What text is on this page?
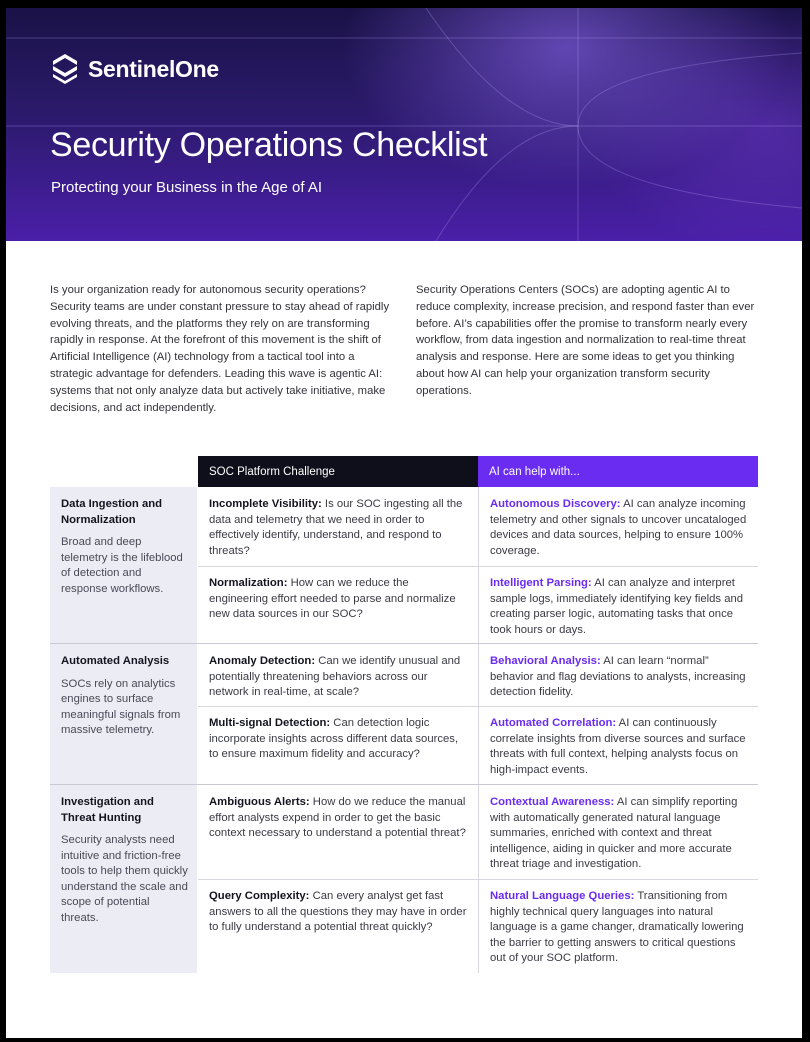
SentinelOne
Security Operations Checklist
Protecting your Business in the Age of AI

Is your organization ready for autonomous security operations? Security teams are under constant pressure to stay ahead of rapidly evolving threats, and the platforms they rely on are transforming rapidly in response. At the forefront of this movement is the shift of Artificial Intelligence (AI) technology from a tactical tool into a strategic advantage for defenders. Leading this wave is agentic AI: systems that not only analyze data but actively take initiative, make decisions, and act independently.

Security Operations Centers (SOCs) are adopting agentic AI to reduce complexity, increase precision, and respond faster than ever before. AI’s capabilities offer the promise to transform nearly every workflow, from data ingestion and normalization to real-time threat analysis and response. Here are some ideas to get you thinking about how AI can help your organization transform security operations.

SOC Platform Challenge	AI can help with...
Data Ingestion and Normalization
Broad and deep telemetry is the lifeblood of detection and response workflows.
Incomplete Visibility: Is our SOC ingesting all the data and telemetry that we need in order to effectively identify, understand, and respond to threats?
Autonomous Discovery: AI can analyze incoming telemetry and other signals to uncover uncataloged devices and data sources, helping to ensure 100% coverage.
Normalization: How can we reduce the engineering effort needed to parse and normalize new data sources in our SOC?
Intelligent Parsing: AI can analyze and interpret sample logs, immediately identifying key fields and creating parser logic, automating tasks that once took hours or days.
Automated Analysis
SOCs rely on analytics engines to surface meaningful signals from massive telemetry.
Anomaly Detection: Can we identify unusual and potentially threatening behaviors across our network in real-time, at scale?
Behavioral Analysis: AI can learn “normal” behavior and flag deviations to analysts, increasing detection fidelity.
Multi-signal Detection: Can detection logic incorporate insights across different data sources, to ensure maximum fidelity and accuracy?
Automated Correlation: AI can continuously correlate insights from diverse sources and surface threats with full context, helping analysts focus on high-impact events.
Investigation and Threat Hunting
Security analysts need intuitive and friction-free tools to help them quickly understand the scale and scope of potential threats.
Ambiguous Alerts: How do we reduce the manual effort analysts expend in order to get the basic context necessary to understand a potential threat?
Contextual Awareness: AI can simplify reporting with automatically generated natural language summaries, enriched with context and threat intelligence, aiding in quicker and more accurate threat triage and investigation.
Query Complexity: Can every analyst get fast answers to all the questions they may have in order to fully understand a potential threat quickly?
Natural Language Queries: Transitioning from highly technical query languages into natural language is a game changer, dramatically lowering the barrier to getting answers to critical questions out of your SOC platform.
